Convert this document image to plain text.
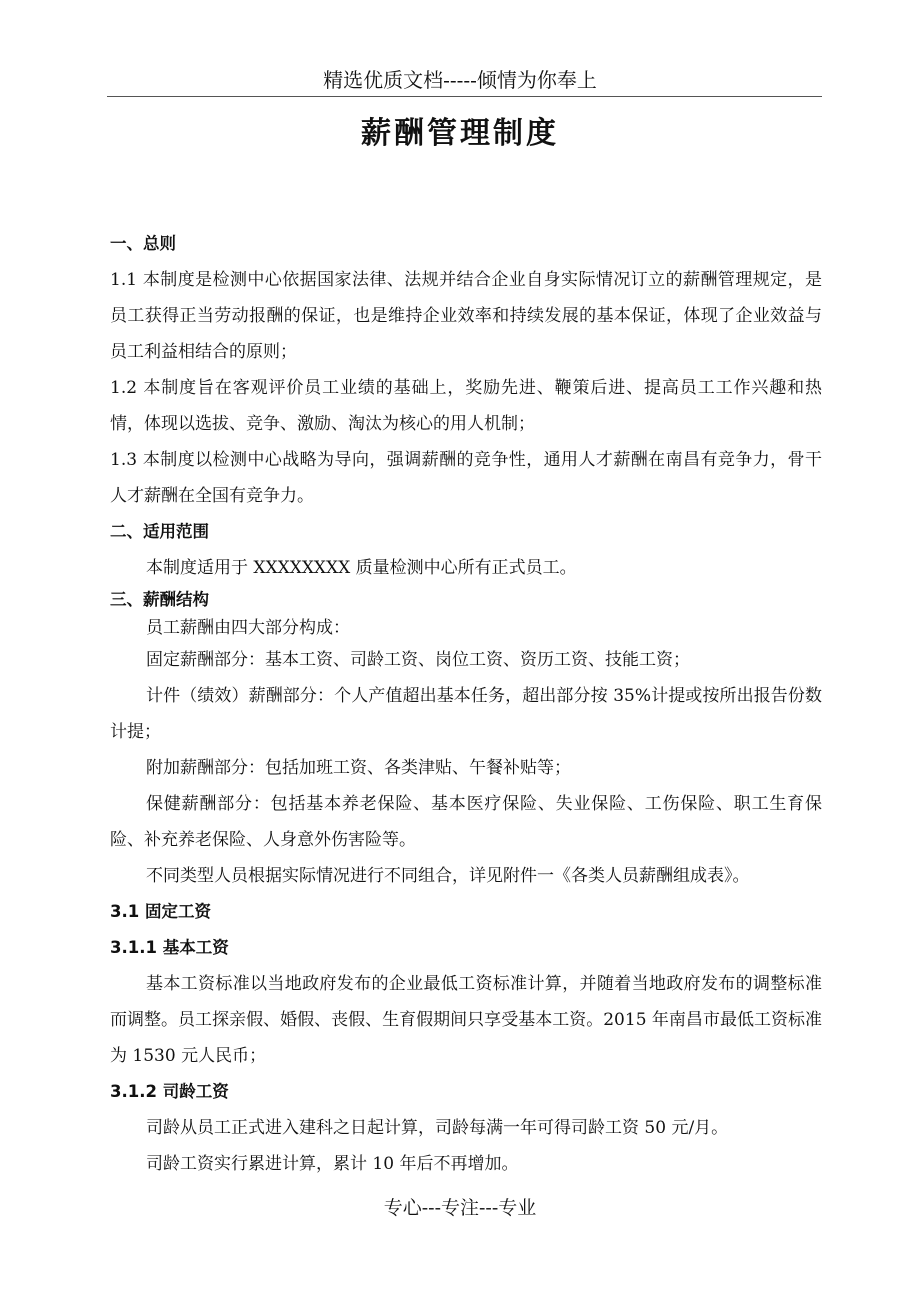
精选优质文档-----倾情为你奉上
薪酬管理制度

一、总则

1.1 本制度是检测中心依据国家法律、法规并结合企业自身实际情况订立的薪酬管理规定，是员工获得正当劳动报酬的保证，也是维持企业效率和持续发展的基本保证，体现了企业效益与员工利益相结合的原则；

1.2 本制度旨在客观评价员工业绩的基础上，奖励先进、鞭策后进、提高员工工作兴趣和热情，体现以选拔、竞争、激励、淘汰为核心的用人机制；

1.3 本制度以检测中心战略为导向，强调薪酬的竞争性，通用人才薪酬在南昌有竞争力，骨干人才薪酬在全国有竞争力。

二、适用范围

本制度适用于 XXXXXXXX 质量检测中心所有正式员工。

三、薪酬结构

员工薪酬由四大部分构成：

固定薪酬部分：基本工资、司龄工资、岗位工资、资历工资、技能工资；

计件（绩效）薪酬部分：个人产值超出基本任务，超出部分按 35%计提或按所出报告份数计提；

附加薪酬部分：包括加班工资、各类津贴、午餐补贴等；

保健薪酬部分：包括基本养老保险、基本医疗保险、失业保险、工伤保险、职工生育保险、补充养老保险、人身意外伤害险等。

不同类型人员根据实际情况进行不同组合，详见附件一《各类人员薪酬组成表》。

3.1 固定工资

3.1.1 基本工资

基本工资标准以当地政府发布的企业最低工资标准计算，并随着当地政府发布的调整标准而调整。员工探亲假、婚假、丧假、生育假期间只享受基本工资。2015 年南昌市最低工资标准为 1530 元人民币；

3.1.2 司龄工资

司龄从员工正式进入建科之日起计算，司龄每满一年可得司龄工资 50 元/月。

司龄工资实行累进计算，累计 10 年后不再增加。

专心---专注---专业
